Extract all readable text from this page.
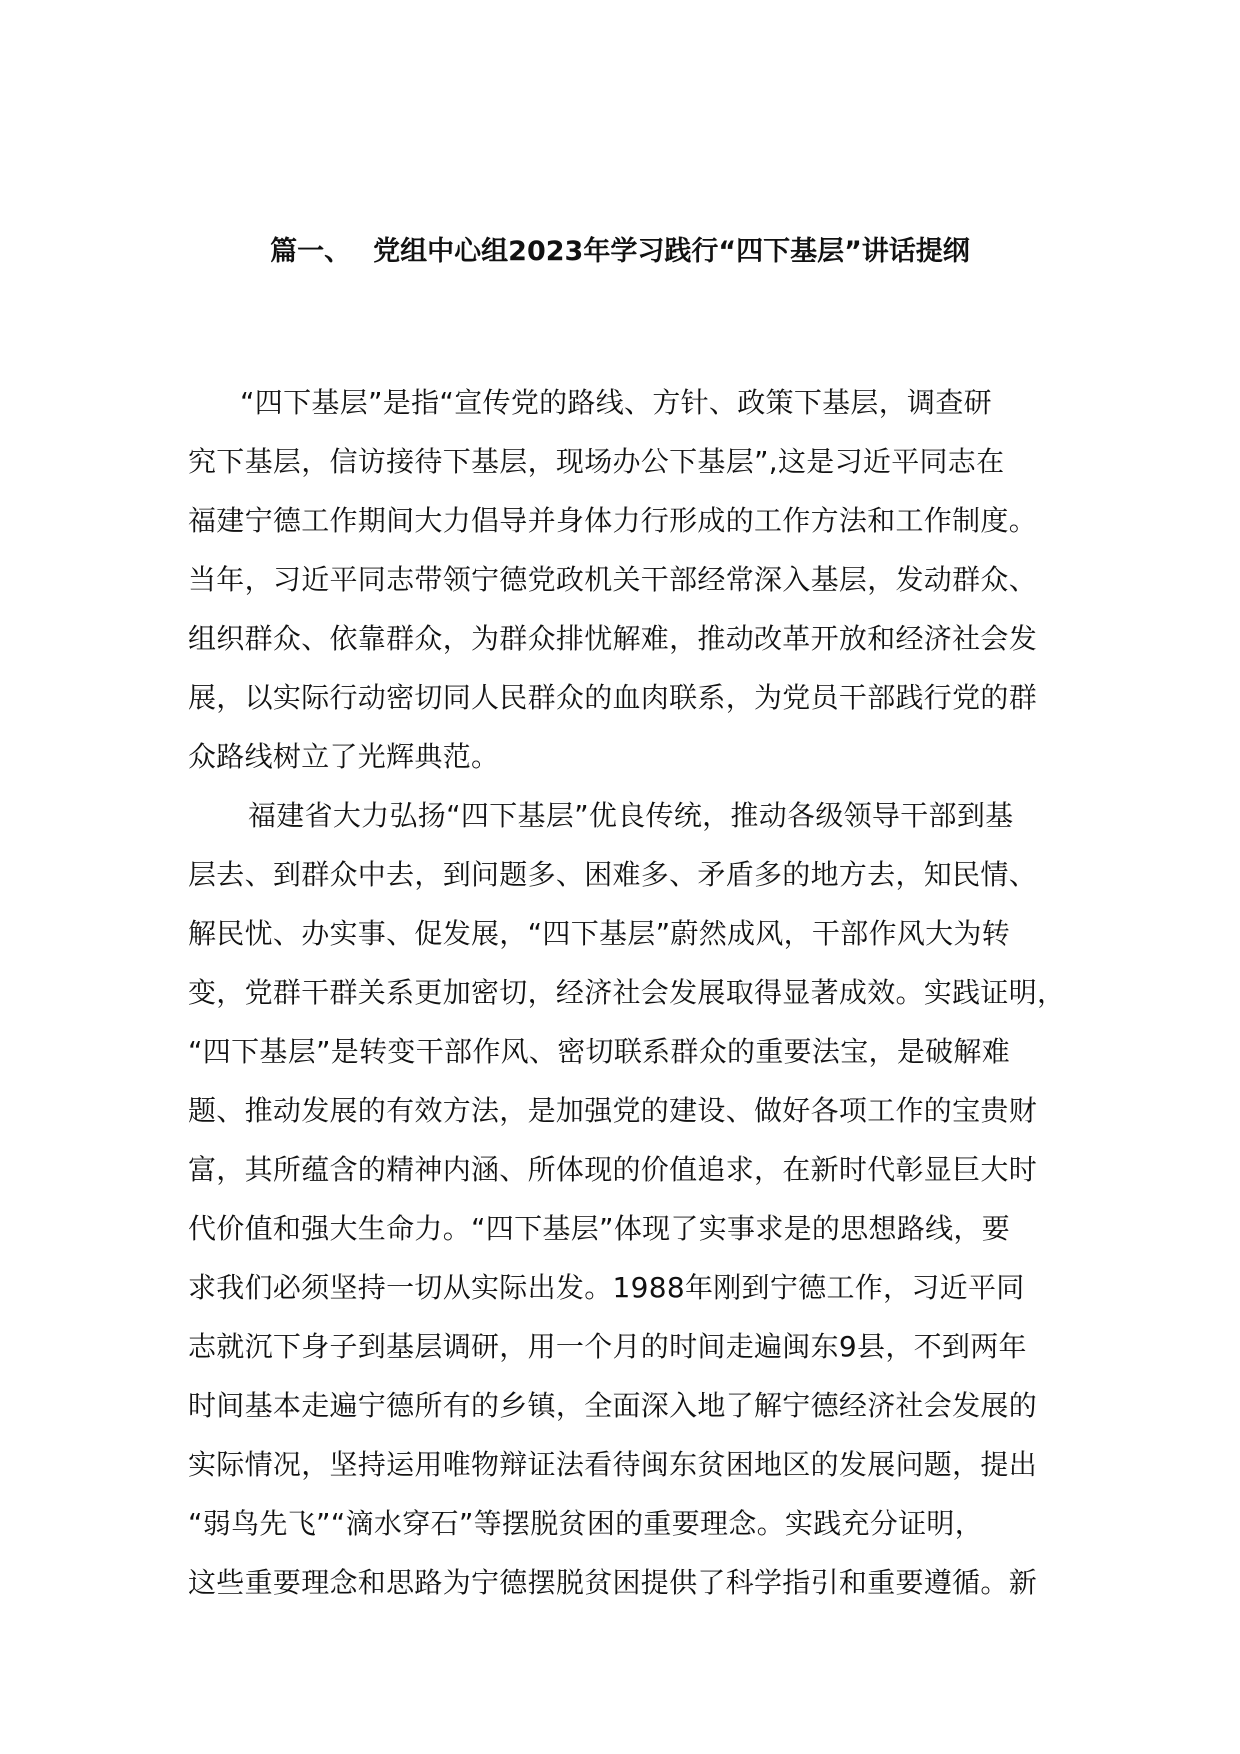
篇一、 党组中心组2023年学习践行“四下基层”讲话提纲
“四下基层”是指“宣传党的路线、方针、政策下基层，调查研
究下基层，信访接待下基层，现场办公下基层”,这是习近平同志在
福建宁德工作期间大力倡导并身体力行形成的工作方法和工作制度。
当年，习近平同志带领宁德党政机关干部经常深入基层，发动群众、
组织群众、依靠群众，为群众排忧解难，推动改革开放和经济社会发
展，以实际行动密切同人民群众的血肉联系，为党员干部践行党的群
众路线树立了光辉典范。
福建省大力弘扬“四下基层”优良传统，推动各级领导干部到基
层去、到群众中去，到问题多、困难多、矛盾多的地方去，知民情、
解民忧、办实事、促发展，“四下基层”蔚然成风，干部作风大为转
变，党群干群关系更加密切，经济社会发展取得显著成效。实践证明，
“四下基层”是转变干部作风、密切联系群众的重要法宝，是破解难
题、推动发展的有效方法，是加强党的建设、做好各项工作的宝贵财
富，其所蕴含的精神内涵、所体现的价值追求，在新时代彰显巨大时
代价值和强大生命力。“四下基层”体现了实事求是的思想路线，要
求我们必须坚持一切从实际出发。1988年刚到宁德工作，习近平同
志就沉下身子到基层调研，用一个月的时间走遍闽东9县，不到两年
时间基本走遍宁德所有的乡镇，全面深入地了解宁德经济社会发展的
实际情况，坚持运用唯物辩证法看待闽东贫困地区的发展问题，提出
“弱鸟先飞”“滴水穿石”等摆脱贫困的重要理念。实践充分证明，
这些重要理念和思路为宁德摆脱贫困提供了科学指引和重要遵循。新
